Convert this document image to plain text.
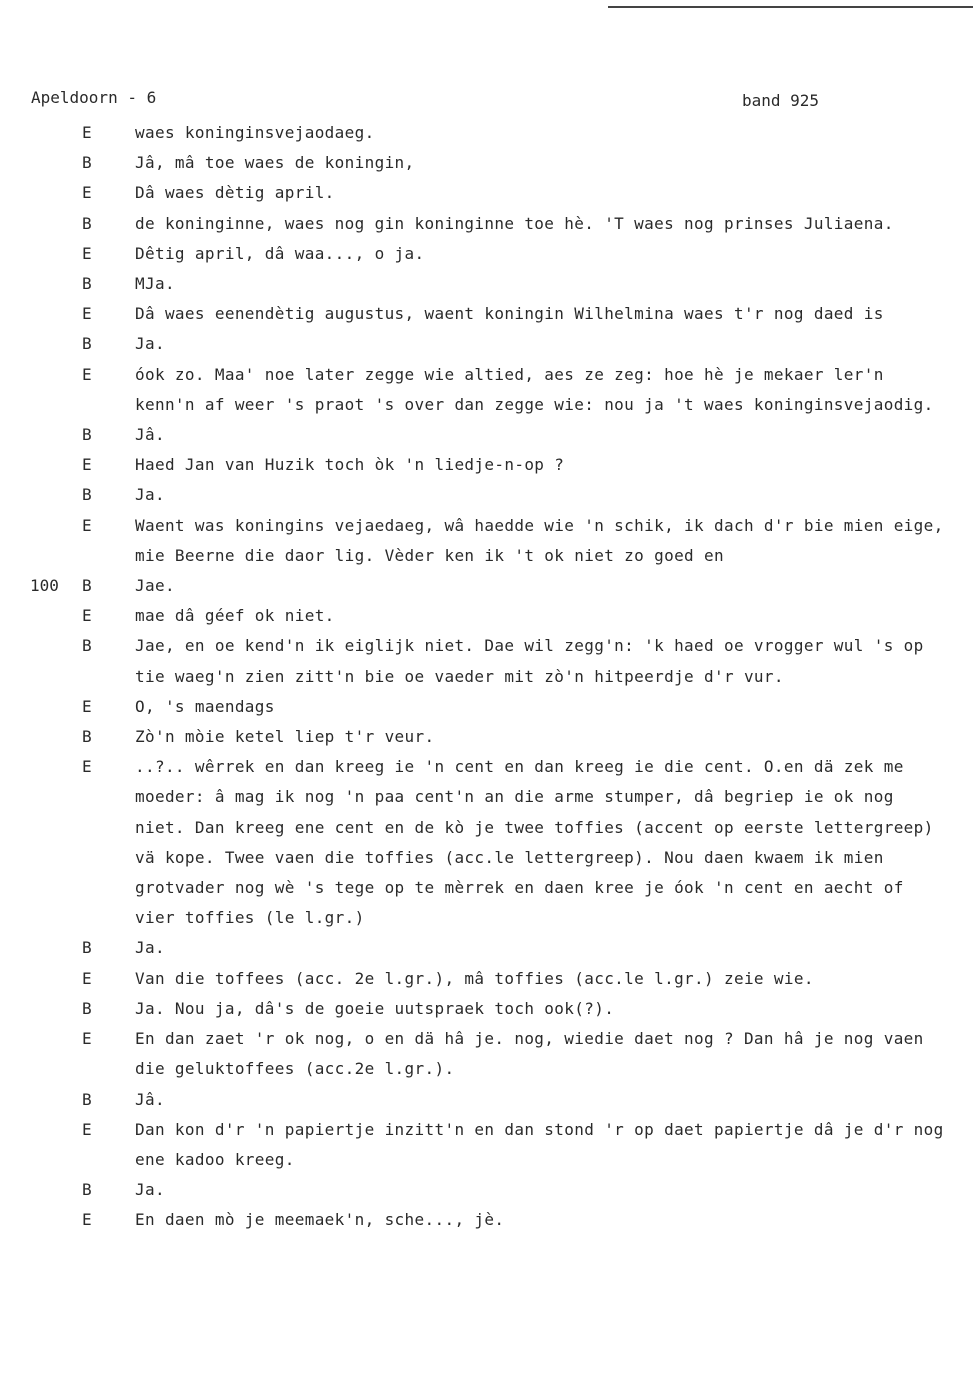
Apeldoorn - 6	band 925
E	waes koninginsvejaodaeg.
B	Jâ, mâ toe waes de koningin,
E	Dâ waes dètig april.
B	de koninginne, waes nog gin koninginne toe hè. 'T waes nog prinses Juliaena.
E	Dêtig april, dâ waa..., o ja.
B	MJa.
E	Dâ waes eenendètig augustus, waent koningin Wilhelmina waes t'r nog daed is
B	Ja.
E	óok zo. Maa' noe later zegge wie altied, aes ze zeg: hoe hè je mekaer ler'n kenn'n af weer 's praot 's over dan zegge wie: nou ja 't waes koninginsvejaodig.
B	Jâ.
E	Haed Jan van Huzik toch òk 'n liedje-n-op ?
B	Ja.
E	Waent was koningins vejaedaeg, wâ haedde wie 'n schik, ik dach d'r bie mien eige, mie Beerne die daor lig. Vèder ken ik 't ok niet zo goed en
100	B	Jae.
E	mae dâ géef ok niet.
B	Jae, en oe kend'n ik eiglijk niet. Dae wil zegg'n: 'k haed oe vrogger wul 's op tie waeg'n zien zitt'n bie oe vaeder mit zò'n hitpeerdje d'r vur.
E	O, 's maendags
B	Zò'n mòie ketel liep t'r veur.
E	..?.. wêrrek en dan kreeg ie 'n cent en dan kreeg ie die cent. O.en dä zek me moeder: â mag ik nog 'n paa cent'n an die arme stumper, dâ begriep ie ok nog niet. Dan kreeg ene cent en de kò je twee toffies (accent op eerste lettergreep) vä kope. Twee vaen die toffies (acc.le lettergreep). Nou daen kwaem ik mien grotvader nog wè 's tege op te mèrrek en daen kree je óok 'n cent en aecht of vier toffies (le l.gr.)
B	Ja.
E	Van die toffees (acc. 2e l.gr.), mâ toffies (acc.le l.gr.) zeie wie.
B	Ja. Nou ja, dâ's de goeie uutspraek toch ook(?).
E	En dan zaet 'r ok nog, o en dä hâ je. nog, wiedie daet nog ? Dan hâ je nog vaen die geluktoffees (acc.2e l.gr.).
B	Jâ.
E	Dan kon d'r 'n papiertje inzitt'n en dan stond 'r op daet papiertje dâ je d'r nog ene kadoo kreeg.
B	Ja.
E	En daen mò je meemaek'n, sche..., jè.
